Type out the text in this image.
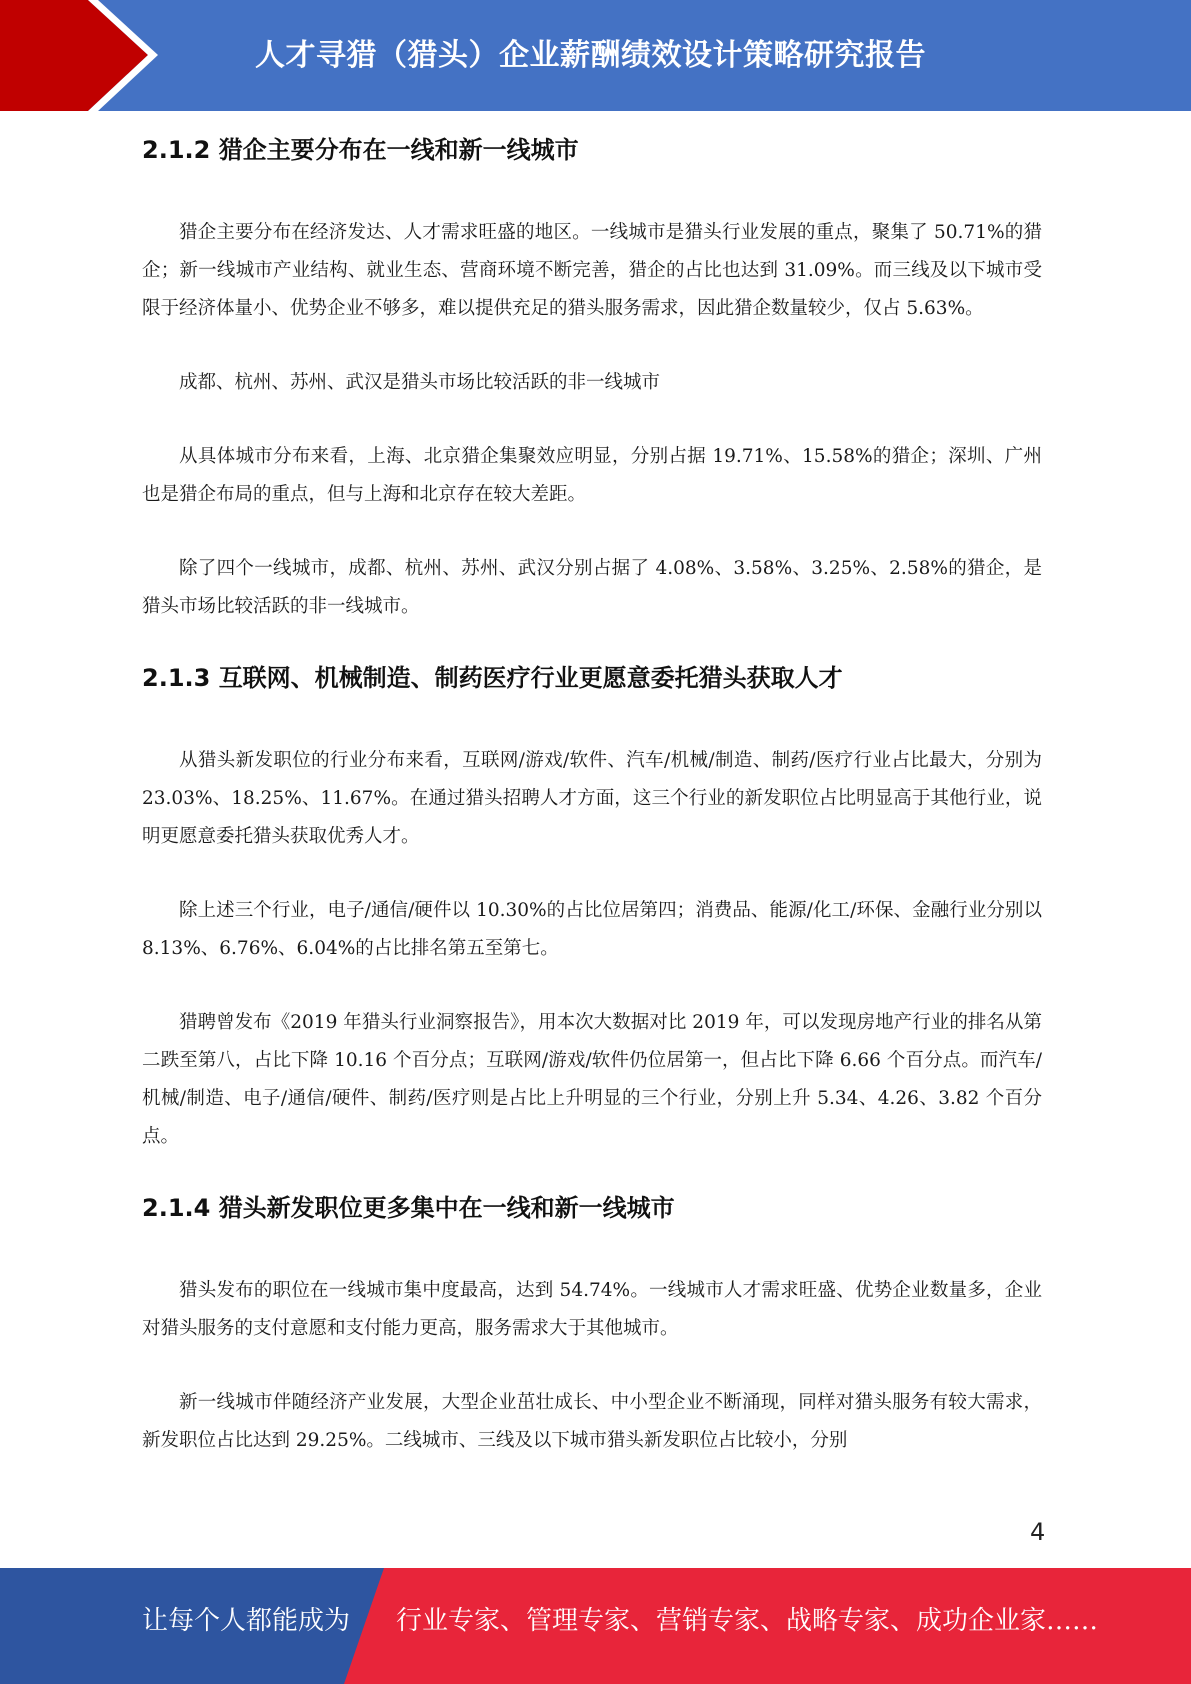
人才寻猎（猎头）企业薪酬绩效设计策略研究报告
2.1.2 猎企主要分布在一线和新一线城市

猎企主要分布在经济发达、人才需求旺盛的地区。一线城市是猎头行业发展的重点，聚集了 50.71%的猎企；新一线城市产业结构、就业生态、营商环境不断完善，猎企的占比也达到 31.09%。而三线及以下城市受限于经济体量小、优势企业不够多，难以提供充足的猎头服务需求，因此猎企数量较少，仅占 5.63%。

成都、杭州、苏州、武汉是猎头市场比较活跃的非一线城市

从具体城市分布来看，上海、北京猎企集聚效应明显，分别占据 19.71%、15.58%的猎企；深圳、广州也是猎企布局的重点，但与上海和北京存在较大差距。

除了四个一线城市，成都、杭州、苏州、武汉分别占据了 4.08%、3.58%、3.25%、2.58%的猎企，是猎头市场比较活跃的非一线城市。

2.1.3 互联网、机械制造、制药医疗行业更愿意委托猎头获取人才

从猎头新发职位的行业分布来看，互联网/游戏/软件、汽车/机械/制造、制药/医疗行业占比最大，分别为 23.03%、18.25%、11.67%。在通过猎头招聘人才方面，这三个行业的新发职位占比明显高于其他行业，说明更愿意委托猎头获取优秀人才。

除上述三个行业，电子/通信/硬件以 10.30%的占比位居第四；消费品、能源/化工/环保、金融行业分别以 8.13%、6.76%、6.04%的占比排名第五至第七。

猎聘曾发布《2019 年猎头行业洞察报告》，用本次大数据对比 2019 年，可以发现房地产行业的排名从第二跌至第八，占比下降 10.16 个百分点；互联网/游戏/软件仍位居第一，但占比下降 6.66 个百分点。而汽车/机械/制造、电子/通信/硬件、制药/医疗则是占比上升明显的三个行业，分别上升 5.34、4.26、3.82 个百分点。

2.1.4 猎头新发职位更多集中在一线和新一线城市

猎头发布的职位在一线城市集中度最高，达到 54.74%。一线城市人才需求旺盛、优势企业数量多，企业对猎头服务的支付意愿和支付能力更高，服务需求大于其他城市。

新一线城市伴随经济产业发展，大型企业茁壮成长、中小型企业不断涌现，同样对猎头服务有较大需求，新发职位占比达到 29.25%。二线城市、三线及以下城市猎头新发职位占比较小，分别

4
让每个人都能成为 行业专家、管理专家、营销专家、战略专家、成功企业家……
